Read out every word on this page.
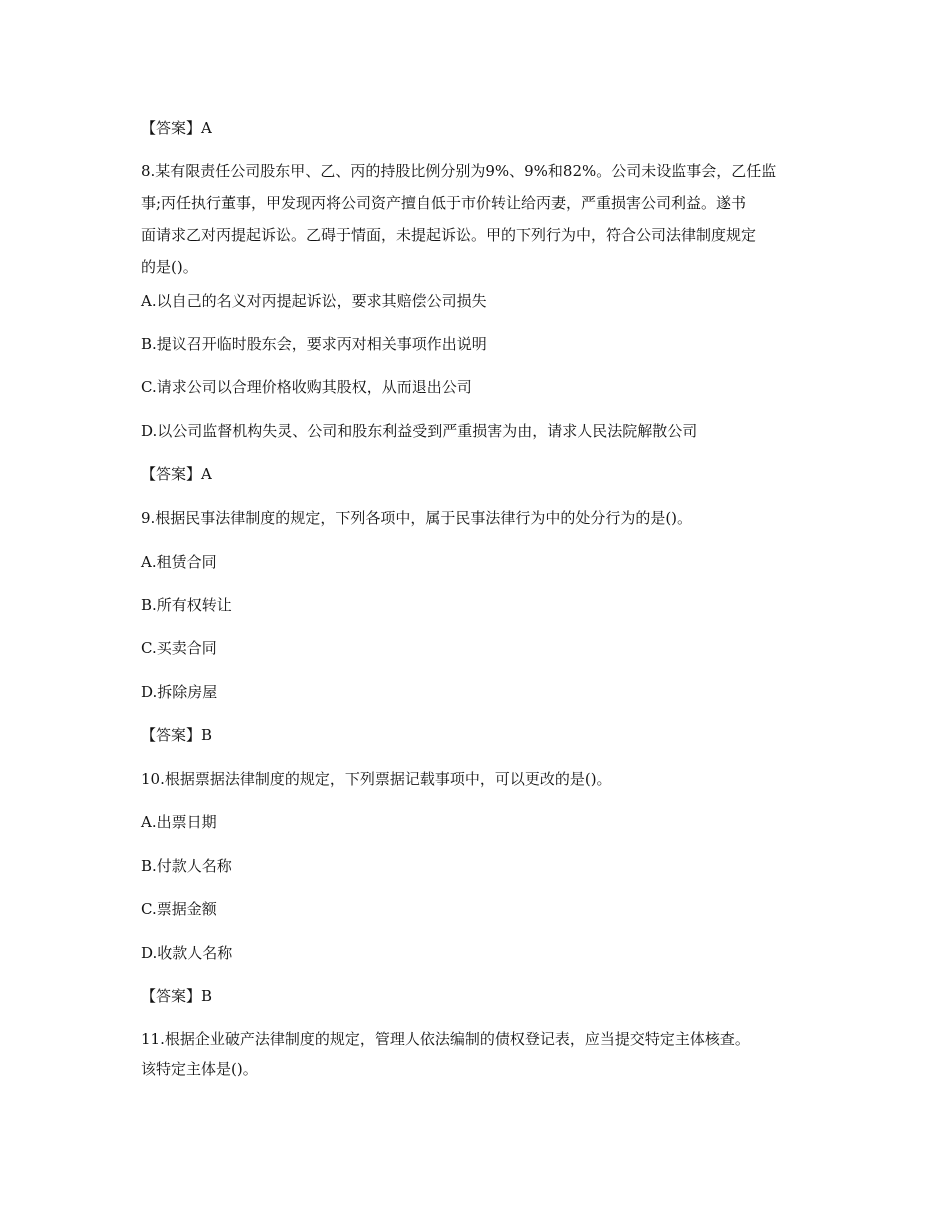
【答案】A
8.某有限责任公司股东甲、乙、丙的持股比例分别为9%、9%和82%。公司未设监事会，乙任监
事;丙任执行董事，甲发现丙将公司资产擅自低于市价转让给丙妻，严重损害公司利益。遂书
面请求乙对丙提起诉讼。乙碍于情面，未提起诉讼。甲的下列行为中，符合公司法律制度规定
的是()。
A.以自己的名义对丙提起诉讼，要求其赔偿公司损失
B.提议召开临时股东会，要求丙对相关事项作出说明
C.请求公司以合理价格收购其股权，从而退出公司
D.以公司监督机构失灵、公司和股东利益受到严重损害为由，请求人民法院解散公司
【答案】A
9.根据民事法律制度的规定，下列各项中，属于民事法律行为中的处分行为的是()。
A.租赁合同
B.所有权转让
C.买卖合同
D.拆除房屋
【答案】B
10.根据票据法律制度的规定，下列票据记载事项中，可以更改的是()。
A.出票日期
B.付款人名称
C.票据金额
D.收款人名称
【答案】B
11.根据企业破产法律制度的规定，管理人依法编制的债权登记表，应当提交特定主体核查。
该特定主体是()。
